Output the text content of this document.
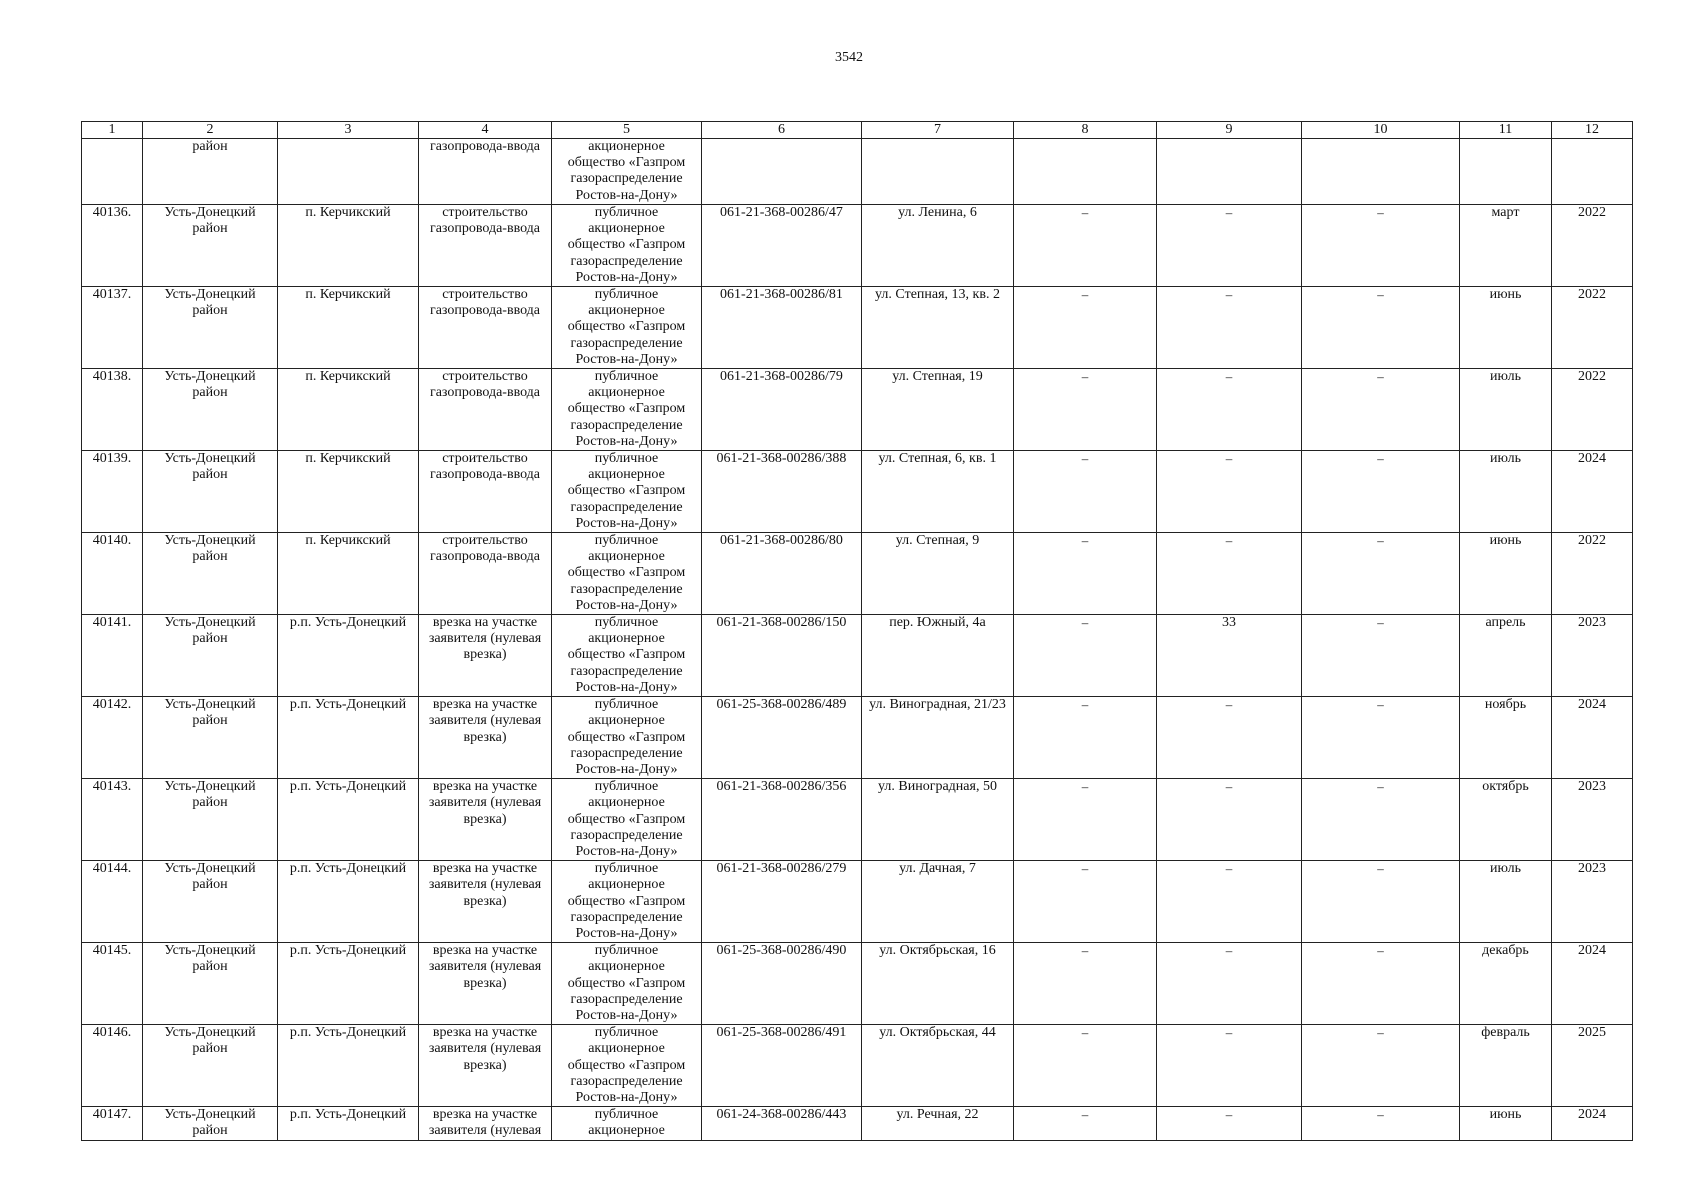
3542
1	2	3	4	5	6	7	8	9	10	11	12

	район		газопровода-ввода	акционерное
общество «Газпром
газораспределение
Ростов-на-Дону»							

40136.	Усть-Донецкий
район	п. Керчикский	строительство
газопровода-ввода	публичное
акционерное
общество «Газпром
газораспределение
Ростов-на-Дону»	061-21-368-00286/47	ул. Ленина, 6	–	–	–	март	2022
40137.	Усть-Донецкий
район	п. Керчикский	строительство
газопровода-ввода	публичное
акционерное
общество «Газпром
газораспределение
Ростов-на-Дону»	061-21-368-00286/81	ул. Степная, 13, кв. 2	–	–	–	июнь	2022
40138.	Усть-Донецкий
район	п. Керчикский	строительство
газопровода-ввода	публичное
акционерное
общество «Газпром
газораспределение
Ростов-на-Дону»	061-21-368-00286/79	ул. Степная, 19	–	–	–	июль	2022
40139.	Усть-Донецкий
район	п. Керчикский	строительство
газопровода-ввода	публичное
акционерное
общество «Газпром
газораспределение
Ростов-на-Дону»	061-21-368-00286/388	ул. Степная, 6, кв. 1	–	–	–	июль	2024
40140.	Усть-Донецкий
район	п. Керчикский	строительство
газопровода-ввода	публичное
акционерное
общество «Газпром
газораспределение
Ростов-на-Дону»	061-21-368-00286/80	ул. Степная, 9	–	–	–	июнь	2022
40141.	Усть-Донецкий
район	р.п. Усть-Донецкий	врезка на участке
заявителя (нулевая
врезка)	публичное
акционерное
общество «Газпром
газораспределение
Ростов-на-Дону»	061-21-368-00286/150	пер. Южный, 4а	–	33	–	апрель	2023
40142.	Усть-Донецкий
район	р.п. Усть-Донецкий	врезка на участке
заявителя (нулевая
врезка)	публичное
акционерное
общество «Газпром
газораспределение
Ростов-на-Дону»	061-25-368-00286/489	ул. Виноградная, 21/23	–	–	–	ноябрь	2024
40143.	Усть-Донецкий
район	р.п. Усть-Донецкий	врезка на участке
заявителя (нулевая
врезка)	публичное
акционерное
общество «Газпром
газораспределение
Ростов-на-Дону»	061-21-368-00286/356	ул. Виноградная, 50	–	–	–	октябрь	2023
40144.	Усть-Донецкий
район	р.п. Усть-Донецкий	врезка на участке
заявителя (нулевая
врезка)	публичное
акционерное
общество «Газпром
газораспределение
Ростов-на-Дону»	061-21-368-00286/279	ул. Дачная, 7	–	–	–	июль	2023
40145.	Усть-Донецкий
район	р.п. Усть-Донецкий	врезка на участке
заявителя (нулевая
врезка)	публичное
акционерное
общество «Газпром
газораспределение
Ростов-на-Дону»	061-25-368-00286/490	ул. Октябрьская, 16	–	–	–	декабрь	2024
40146.	Усть-Донецкий
район	р.п. Усть-Донецкий	врезка на участке
заявителя (нулевая
врезка)	публичное
акционерное
общество «Газпром
газораспределение
Ростов-на-Дону»	061-25-368-00286/491	ул. Октябрьская, 44	–	–	–	февраль	2025
40147.	Усть-Донецкий
район	р.п. Усть-Донецкий	врезка на участке
заявителя (нулевая	публичное
акционерное	061-24-368-00286/443	ул. Речная, 22	–	–	–	июнь	2024
